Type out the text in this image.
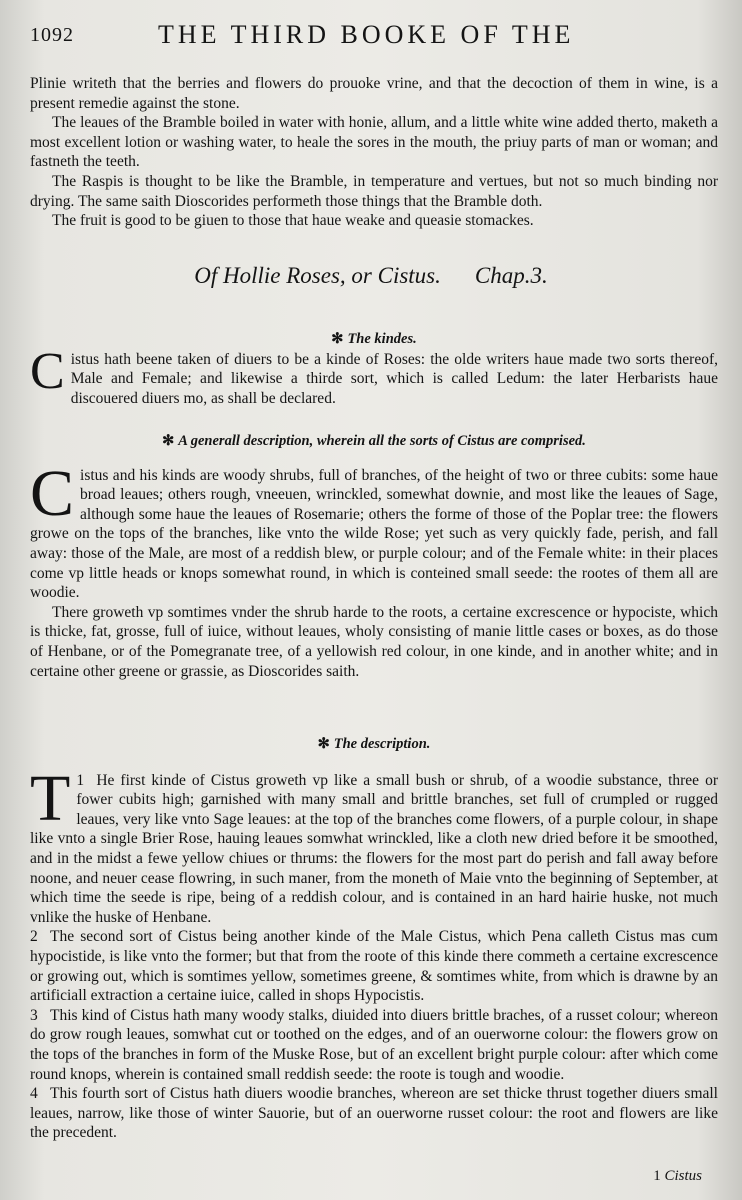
1092	THE THIRD BOOKE OF THE

Plinie writeth that the berries and flowers do prouoke vrine, and that the decoction of them in wine, is a present remedie against the stone.

The leaues of the Bramble boiled in water with honie, allum, and a little white wine added therto, maketh a most excellent lotion or washing water, to heale the sores in the mouth, the priuy parts of man or woman; and fastneth the teeth.

The Raspis is thought to be like the Bramble, in temperature and vertues, but not so much binding nor drying. The same saith Dioscorides performeth those things that the Bramble doth.

The fruit is good to be giuen to those that haue weake and queasie stomackes.

Of Hollie Roses, or Cistus. Chap.3.

✻ The kindes.

Cistus hath beene taken of diuers to be a kinde of Roses: the olde writers haue made two sorts thereof, Male and Female; and likewise a thirde sort, which is called Ledum: the later Herbarists haue discouered diuers mo, as shall be declared.

✻ A generall description, wherein all the sorts of Cistus are comprised.

Cistus and his kinds are woody shrubs, full of branches, of the height of two or three cubits: some haue broad leaues; others rough, vneeuen, wrinckled, somewhat downie, and most like the leaues of Sage, although some haue the leaues of Rosemarie; others the forme of those of the Poplar tree: the flowers growe on the tops of the branches, like vnto the wilde Rose; yet such as very quickly fade, perish, and fall away: those of the Male, are most of a reddish blew, or purple colour; and of the Female white: in their places come vp little heads or knops somewhat round, in which is conteined small seede: the rootes of them all are woodie.

There groweth vp somtimes vnder the shrub harde to the roots, a certaine excrescence or hypociste, which is thicke, fat, grosse, full of iuice, without leaues, wholy consisting of manie little cases or boxes, as do those of Henbane, or of the Pomegranate tree, of a yellowish red colour, in one kinde, and in another white; and in certaine other greene or grassie, as Dioscorides saith.

✻ The description.

1
T He first kinde of Cistus groweth vp like a small bush or shrub, of a woodie substance, three or fower cubits high; garnished with many small and brittle branches, set full of crumpled or rugged leaues, very like vnto Sage leaues: at the top of the branches come flowers, of a purple colour, in shape like vnto a single Brier Rose, hauing leaues somwhat wrinckled, like a cloth new dried before it be smoothed, and in the midst a fewe yellow chiues or thrums: the flowers for the most part do perish and fall away before noone, and neuer cease flowring, in such maner, from the moneth of Maie vnto the beginning of September, at which time the seede is ripe, being of a reddish colour, and is contained in an hard hairie huske, not much vnlike the huske of Henbane.

2 The second sort of Cistus being another kinde of the Male Cistus, which Pena calleth Cistus mas cum hypocistide, is like vnto the former; but that from the roote of this kinde there commeth a certaine excrescence or growing out, which is somtimes yellow, sometimes greene, & somtimes white, from which is drawne by an artificiall extraction a certaine iuice, called in shops Hypocistis.

3 This kind of Cistus hath many woody stalks, diuided into diuers brittle braches, of a russet colour; whereon do grow rough leaues, somwhat cut or toothed on the edges, and of an ouerworne colour: the flowers grow on the tops of the branches in form of the Muske Rose, but of an excellent bright purple colour: after which come round knops, wherein is contained small reddish seede: the roote is tough and woodie.

4 This fourth sort of Cistus hath diuers woodie branches, whereon are set thicke thrust together diuers small leaues, narrow, like those of winter Sauorie, but of an ouerworne russet colour: the root and flowers are like the precedent.

1 Cistus
